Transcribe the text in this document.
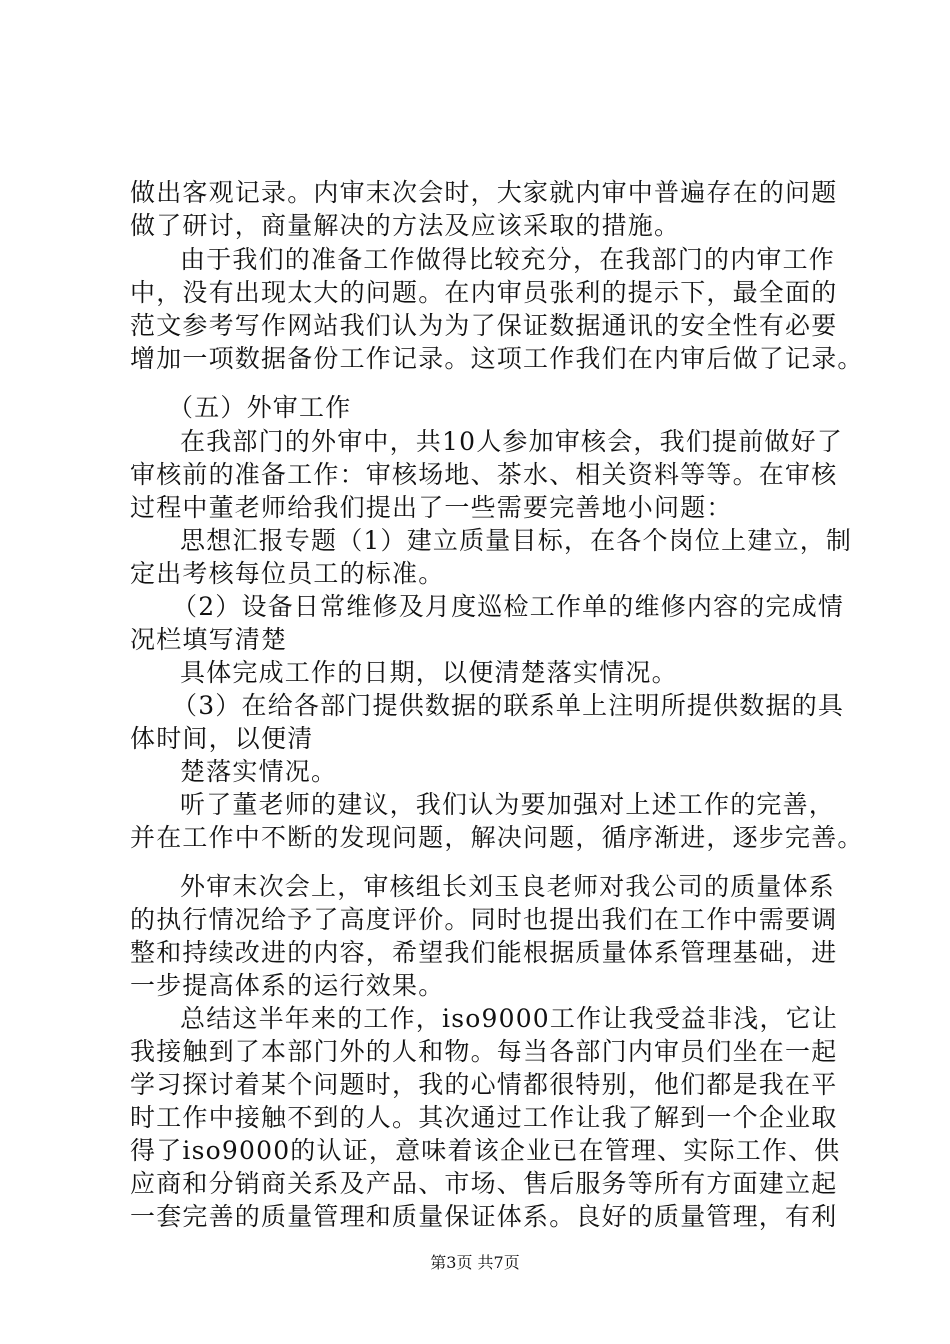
做出客观记录。内审末次会时，大家就内审中普遍存在的问题
做了研讨，商量解决的方法及应该采取的措施。
由于我们的准备工作做得比较充分，在我部门的内审工作
中，没有出现太大的问题。在内审员张利的提示下，最全面的
范文参考写作网站我们认为为了保证数据通讯的安全性有必要
增加一项数据备份工作记录。这项工作我们在内审后做了记录。
（五）外审工作
在我部门的外审中，共10人参加审核会，我们提前做好了
审核前的准备工作：审核场地、茶水、相关资料等等。在审核
过程中董老师给我们提出了一些需要完善地小问题：
思想汇报专题（1）建立质量目标，在各个岗位上建立，制
定出考核每位员工的标准。
（2）设备日常维修及月度巡检工作单的维修内容的完成情
况栏填写清楚
具体完成工作的日期，以便清楚落实情况。
（3）在给各部门提供数据的联系单上注明所提供数据的具
体时间，以便清
楚落实情况。
听了董老师的建议，我们认为要加强对上述工作的完善，
并在工作中不断的发现问题，解决问题，循序渐进，逐步完善。
外审末次会上，审核组长刘玉良老师对我公司的质量体系
的执行情况给予了高度评价。同时也提出我们在工作中需要调
整和持续改进的内容，希望我们能根据质量体系管理基础，进
一步提高体系的运行效果。
总结这半年来的工作，iso9000工作让我受益非浅，它让
我接触到了本部门外的人和物。每当各部门内审员们坐在一起
学习探讨着某个问题时，我的心情都很特别，他们都是我在平
时工作中接触不到的人。其次通过工作让我了解到一个企业取
得了iso9000的认证，意味着该企业已在管理、实际工作、供
应商和分销商关系及产品、市场、售后服务等所有方面建立起
一套完善的质量管理和质量保证体系。良好的质量管理，有利
第3页 共7页
